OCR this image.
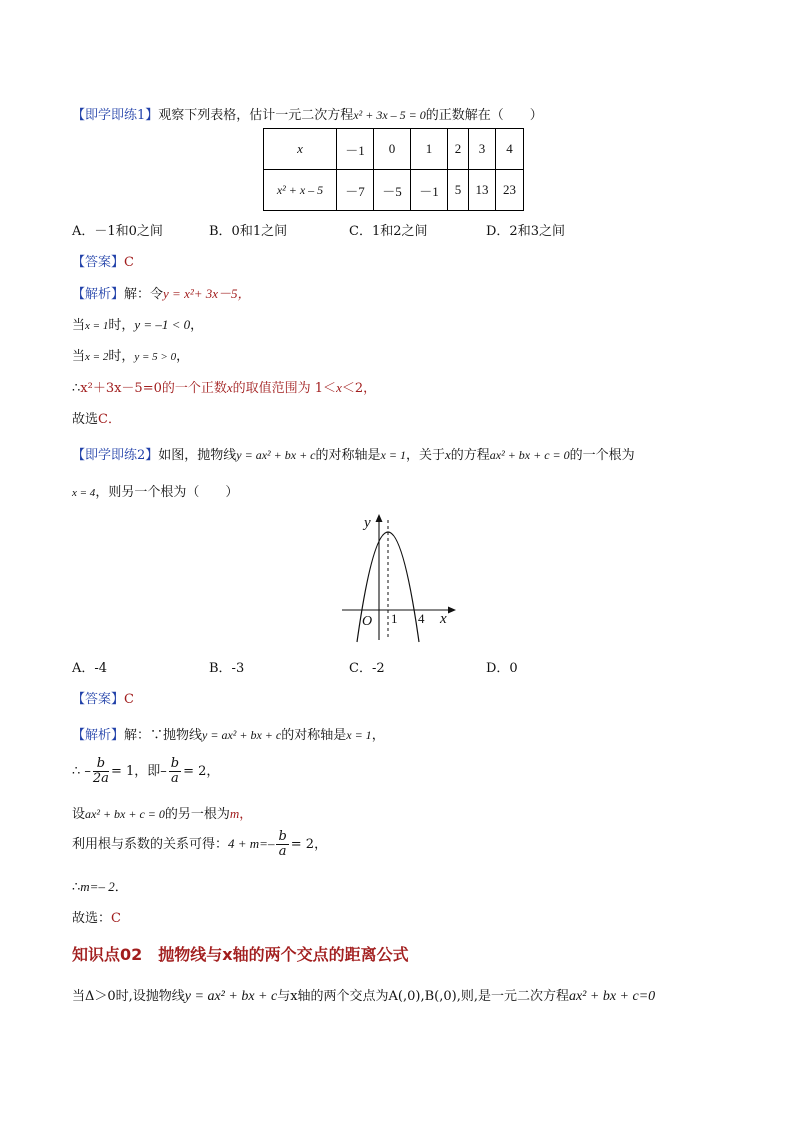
【即学即练1】观察下列表格，估计一元二次方程x² + 3x – 5 = 0的正数解在（　　）
x	－1	0	1	2	3	4
x² + x – 5	－7	－5	－1	5	13	23
A．－1和0之间	B．0和1之间	C．1和2之间	D．2和3之间
【答案】C
【解析】解：令y = x²+ 3x－5，
当x = 1时，y = –1 < 0，
当x = 2时，y = 5 > 0，
∴x²＋3x－5=0的一个正数x的取值范围为 1＜x＜2，
故选C．
【即学即练2】如图，抛物线y = ax² + bx + c的对称轴是x = 1，关于x的方程ax² + bx + c = 0的一个根为
x = 4，则另一个根为（　　）
y
x
O 1 4
A．-4	B．-3	C．-2	D．0
【答案】C
【解析】解：∵抛物线y = ax² + bx + c的对称轴是x = 1，
∴ – $\frac{b}{2a} = 1$，即– $\frac{b}{a} = 2$，
设ax² + bx + c = 0的另一根为m，
利用根与系数的关系可得：$4 + m=- \frac{b}{a} = 2$，
∴m=– 2．
故选：C
知识点02　抛物线与x轴的两个交点的距离公式
当Δ＞0时,设抛物线y = ax² + bx + c与x轴的两个交点为A(,0),B(,0),则,是一元二次方程ax² + bx + c=0
